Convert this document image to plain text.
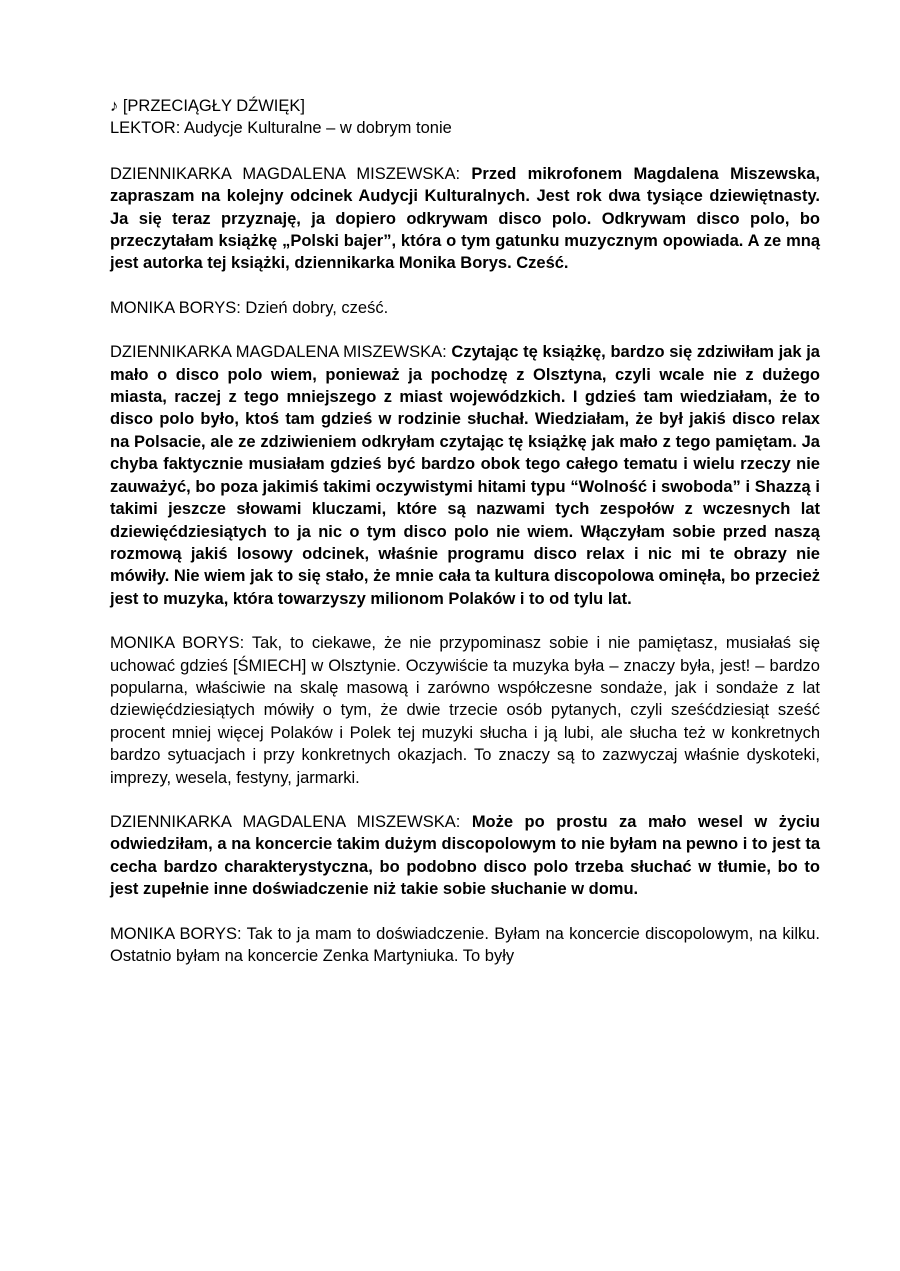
♪ [PRZECIĄGŁY DŹWIĘK]

LEKTOR: Audycje Kulturalne – w dobrym tonie

DZIENNIKARKA MAGDALENA MISZEWSKA: Przed mikrofonem Magdalena Miszewska, zapraszam na kolejny odcinek Audycji Kulturalnych. Jest rok dwa tysiące dziewiętnasty. Ja się teraz przyznaję, ja dopiero odkrywam disco polo. Odkrywam disco polo, bo przeczytałam książkę „Polski bajer”, która o tym gatunku muzycznym opowiada. A ze mną jest autorka tej książki, dziennikarka Monika Borys. Cześć.

MONIKA BORYS: Dzień dobry, cześć.

DZIENNIKARKA MAGDALENA MISZEWSKA: Czytając tę książkę, bardzo się zdziwiłam jak ja mało o disco polo wiem, ponieważ ja pochodzę z Olsztyna, czyli wcale nie z dużego miasta, raczej z tego mniejszego z miast wojewódzkich. I gdzieś tam wiedziałam, że to disco polo było, ktoś tam gdzieś w rodzinie słuchał. Wiedziałam, że był jakiś disco relax na Polsacie, ale ze zdziwieniem odkryłam czytając tę książkę jak mało z tego pamiętam. Ja chyba faktycznie musiałam gdzieś być bardzo obok tego całego tematu i wielu rzeczy nie zauważyć, bo poza jakimiś takimi oczywistymi hitami typu “Wolność i swoboda” i Shazzą i takimi jeszcze słowami kluczami, które są nazwami tych zespołów z wczesnych lat dziewięćdziesiątych to ja nic o tym disco polo nie wiem. Włączyłam sobie przed naszą rozmową jakiś losowy odcinek, właśnie programu disco relax i nic mi te obrazy nie mówiły. Nie wiem jak to się stało, że mnie cała ta kultura discopolowa ominęła, bo przecież jest to muzyka, która towarzyszy milionom Polaków i to od tylu lat.

MONIKA BORYS: Tak, to ciekawe, że nie przypominasz sobie i nie pamiętasz, musiałaś się uchować gdzieś [ŚMIECH] w Olsztynie. Oczywiście ta muzyka była – znaczy była, jest! – bardzo popularna, właściwie na skalę masową i zarówno współczesne sondaże, jak i sondaże z lat dziewięćdziesiątych mówiły o tym, że dwie trzecie osób pytanych, czyli sześćdziesiąt sześć procent mniej więcej Polaków i Polek tej muzyki słucha i ją lubi, ale słucha też w konkretnych bardzo sytuacjach i przy konkretnych okazjach. To znaczy są to zazwyczaj właśnie dyskoteki, imprezy, wesela, festyny, jarmarki.

DZIENNIKARKA MAGDALENA MISZEWSKA: Może po prostu za mało wesel w życiu odwiedziłam, a na koncercie takim dużym discopolowym to nie byłam na pewno i to jest ta cecha bardzo charakterystyczna, bo podobno disco polo trzeba słuchać w tłumie, bo to jest zupełnie inne doświadczenie niż takie sobie słuchanie w domu.

MONIKA BORYS: Tak to ja mam to doświadczenie. Byłam na koncercie discopolowym, na kilku. Ostatnio byłam na koncercie Zenka Martyniuka. To były
